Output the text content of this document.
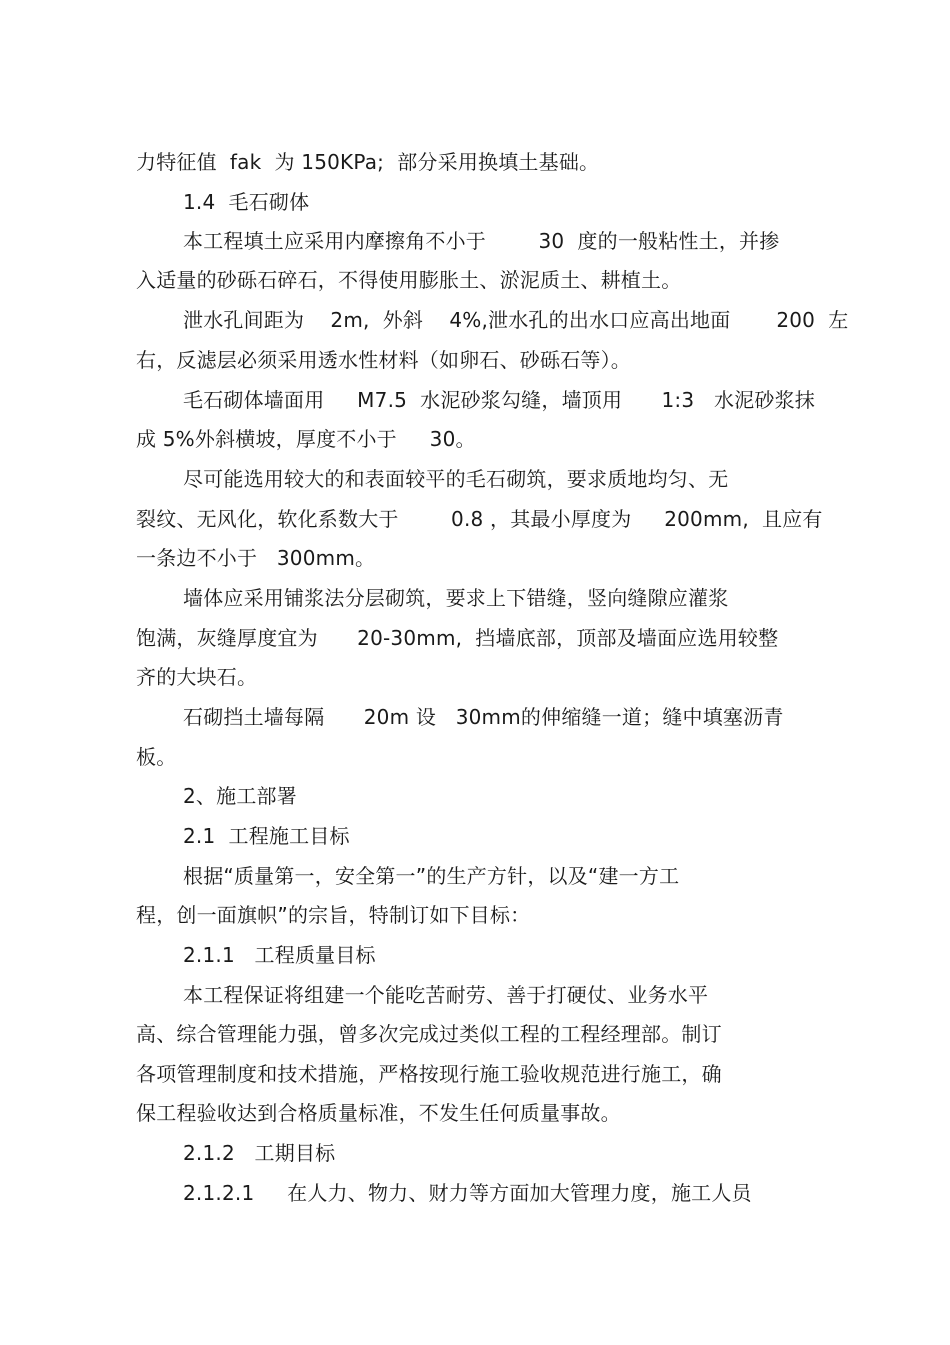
力特征值  fak  为 150KPa;  部分采用换填土基础。
1.4  毛石砌体
本工程填土应采用内摩擦角不小于        30  度的一般粘性土，并掺
入适量的砂砾石碎石，不得使用膨胀土、淤泥质土、耕植土。
泄水孔间距为    2m,  外斜    4%,泄水孔的出水口应高出地面       200  左
右，反滤层必须采用透水性材料（如卵石、砂砾石等）。
毛石砌体墙面用     M7.5  水泥砂浆勾缝，墙顶用      1:3   水泥砂浆抹
成 5%外斜横坡，厚度不小于     30。
尽可能选用较大的和表面较平的毛石砌筑，要求质地均匀、无
裂纹、无风化，软化系数大于        0.8 ，其最小厚度为     200mm,  且应有
一条边不小于   300mm。
墙体应采用铺浆法分层砌筑，要求上下错缝，竖向缝隙应灌浆
饱满，灰缝厚度宜为      20-30mm,  挡墙底部，顶部及墙面应选用较整
齐的大块石。
石砌挡土墙每隔      20m 设   30mm的伸缩缝一道；缝中填塞沥青
板。
2、施工部署
2.1  工程施工目标
根据“质量第一，安全第一”的生产方针，以及“建一方工
程，创一面旗帜”的宗旨，特制订如下目标：
2.1.1   工程质量目标
本工程保证将组建一个能吃苦耐劳、善于打硬仗、业务水平
高、综合管理能力强，曾多次完成过类似工程的工程经理部。制订
各项管理制度和技术措施，严格按现行施工验收规范进行施工，确
保工程验收达到合格质量标准，不发生任何质量事故。
2.1.2   工期目标
2.1.2.1     在人力、物力、财力等方面加大管理力度，施工人员
